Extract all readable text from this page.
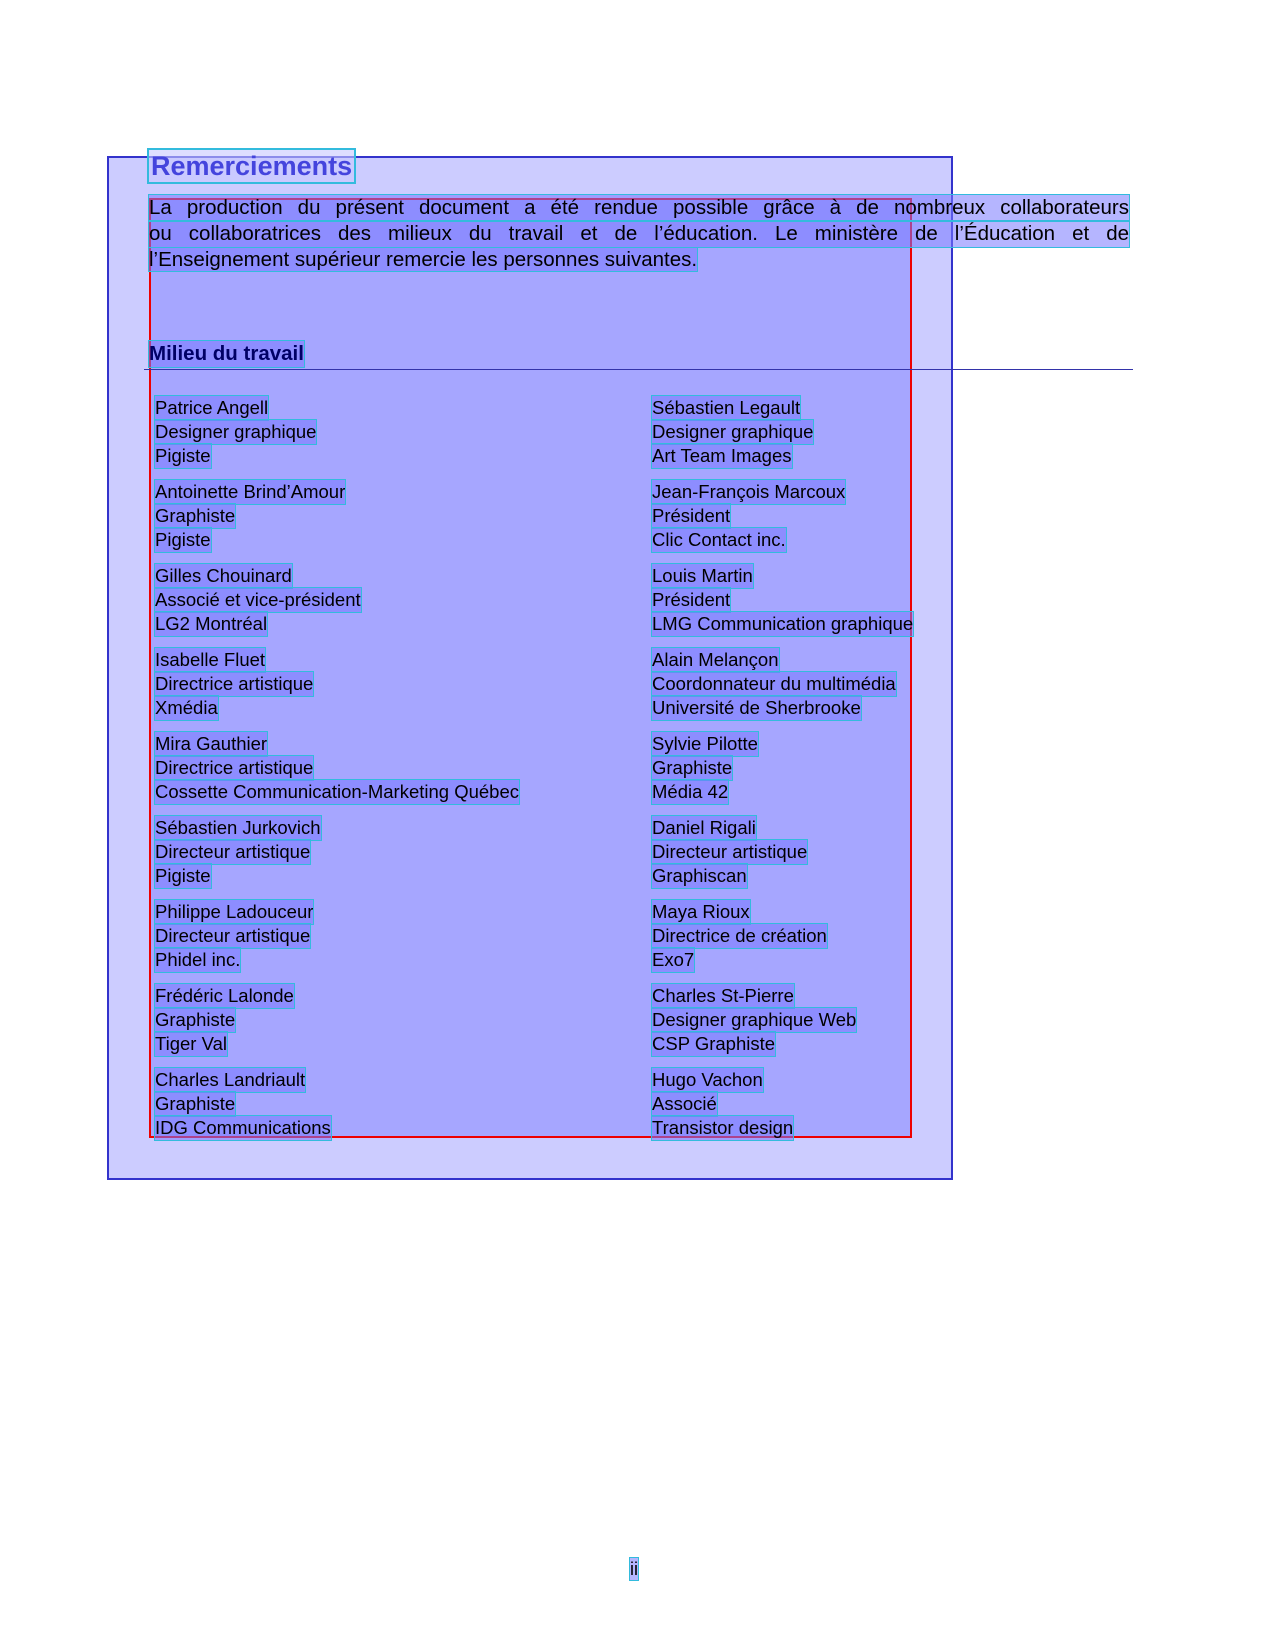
Remerciements
La production du présent document a été rendue possible grâce à de nombreux collaborateurs
ou collaboratrices des milieux du travail et de l’éducation. Le ministère de l’Éducation et de
l’Enseignement supérieur remercie les personnes suivantes.
Milieu du travail
Patrice Angell
Designer graphique
Pigiste
Antoinette Brind’Amour
Graphiste
Pigiste
Gilles Chouinard
Associé et vice-président
LG2 Montréal
Isabelle Fluet
Directrice artistique
Xmédia
Mira Gauthier
Directrice artistique
Cossette Communication-Marketing Québec
Sébastien Jurkovich
Directeur artistique
Pigiste
Philippe Ladouceur
Directeur artistique
Phidel inc.
Frédéric Lalonde
Graphiste
Tiger Val
Charles Landriault
Graphiste
IDG Communications
Sébastien Legault
Designer graphique
Art Team Images
Jean-François Marcoux
Président
Clic Contact inc.
Louis Martin
Président
LMG Communication graphique
Alain Melançon
Coordonnateur du multimédia
Université de Sherbrooke
Sylvie Pilotte
Graphiste
Média 42
Daniel Rigali
Directeur artistique
Graphiscan
Maya Rioux
Directrice de création
Exo7
Charles St-Pierre
Designer graphique Web
CSP Graphiste
Hugo Vachon
Associé
Transistor design
ii
